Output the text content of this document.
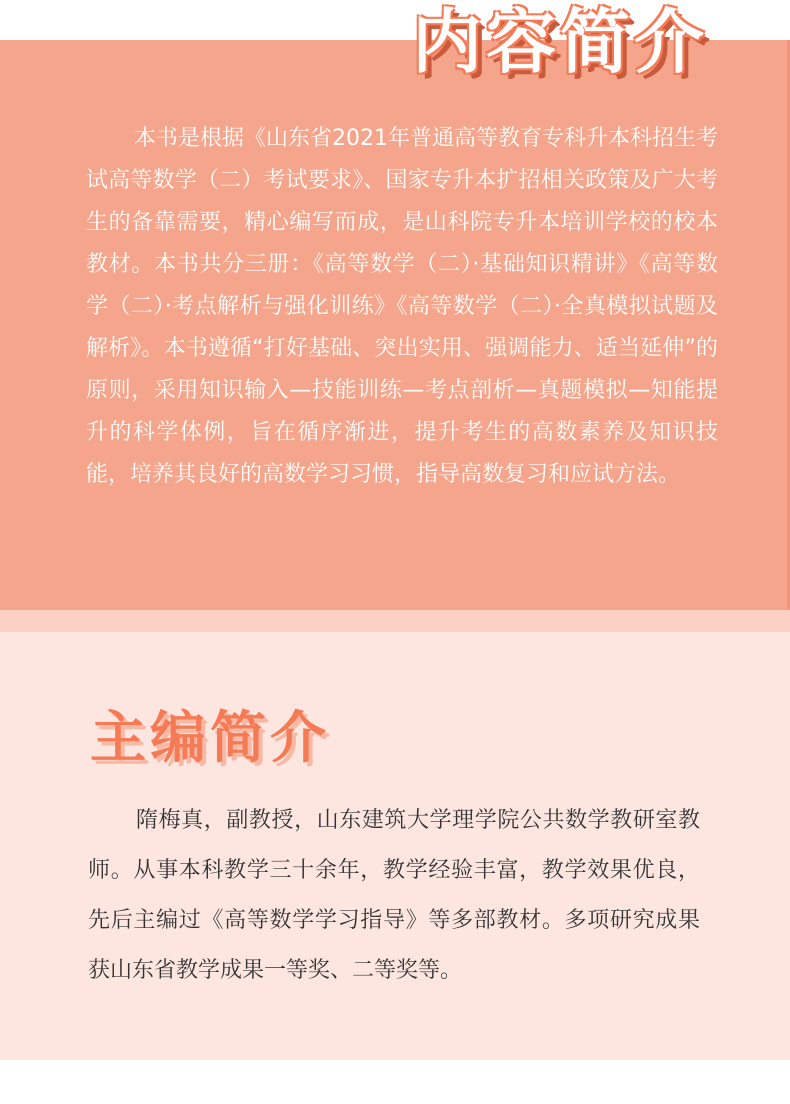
内容简介

本书是根据《山东省2021年普通高等教育专科升本科招生考试高等数学（二）考试要求》、国家专升本扩招相关政策及广大考生的备靠需要，精心编写而成，是山科院专升本培训学校的校本教材。本书共分三册：《高等数学（二）·基础知识精讲》《高等数学（二）·考点解析与强化训练》《高等数学（二）·全真模拟试题及解析》。本书遵循“打好基础、突出实用、强调能力、适当延伸”的原则，采用知识输入—技能训练—考点剖析—真题模拟—知能提升的科学体例，旨在循序渐进，提升考生的高数素养及知识技能，培养其良好的高数学习习惯，指导高数复习和应试方法。

主编简介

隋梅真，副教授，山东建筑大学理学院公共数学教研室教师。从事本科教学三十余年，教学经验丰富，教学效果优良，先后主编过《高等数学学习指导》等多部教材。多项研究成果获山东省教学成果一等奖、二等奖等。
